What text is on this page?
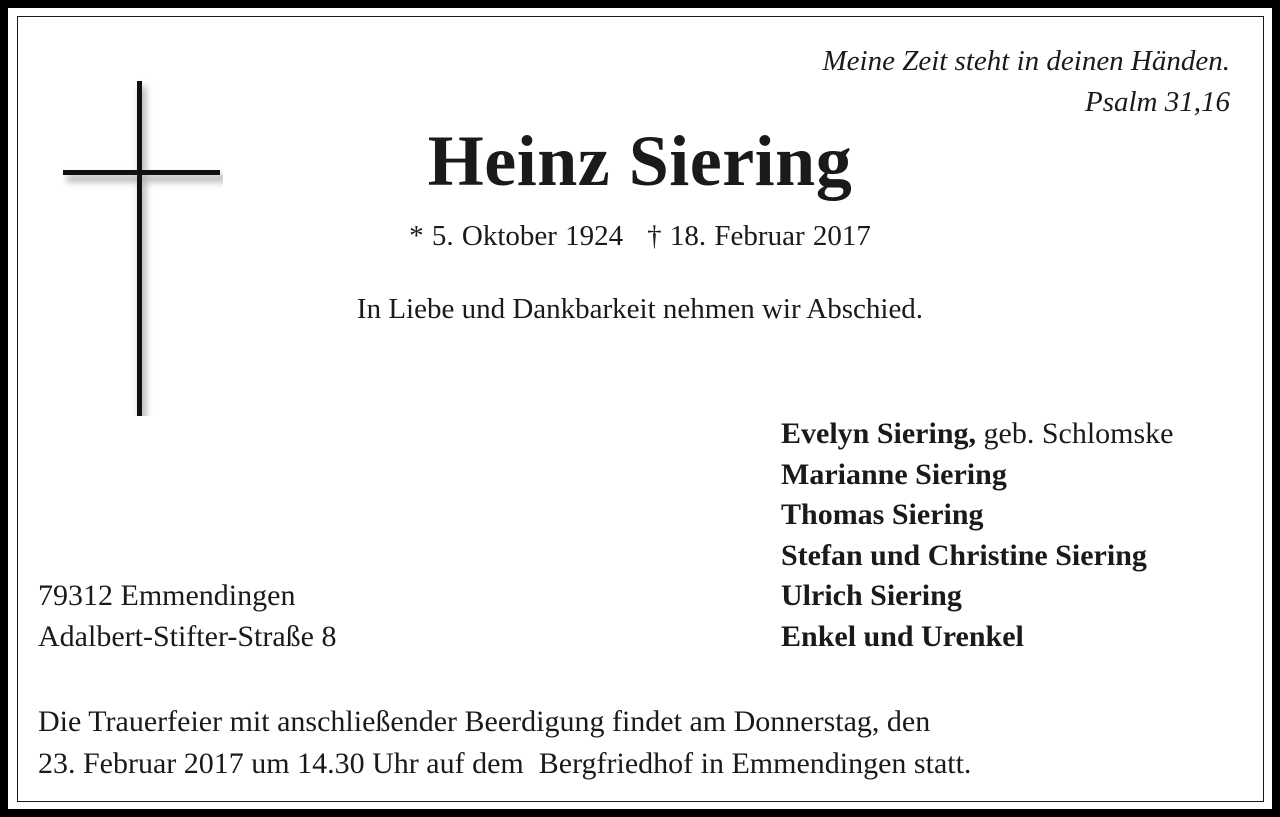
Meine Zeit steht in deinen Händen.
Psalm 31,16
Heinz Siering
* 5. Oktober 1924 † 18. Februar 2017
In Liebe und Dankbarkeit nehmen wir Abschied.
Evelyn Siering, geb. Schlomske
Marianne Siering
Thomas Siering
Stefan und Christine Siering
Ulrich Siering
Enkel und Urenkel
79312 Emmendingen
Adalbert-Stifter-Straße 8
Die Trauerfeier mit anschließender Beerdigung findet am Donnerstag, den
23. Februar 2017 um 14.30 Uhr auf dem  Bergfriedhof in Emmendingen statt.
